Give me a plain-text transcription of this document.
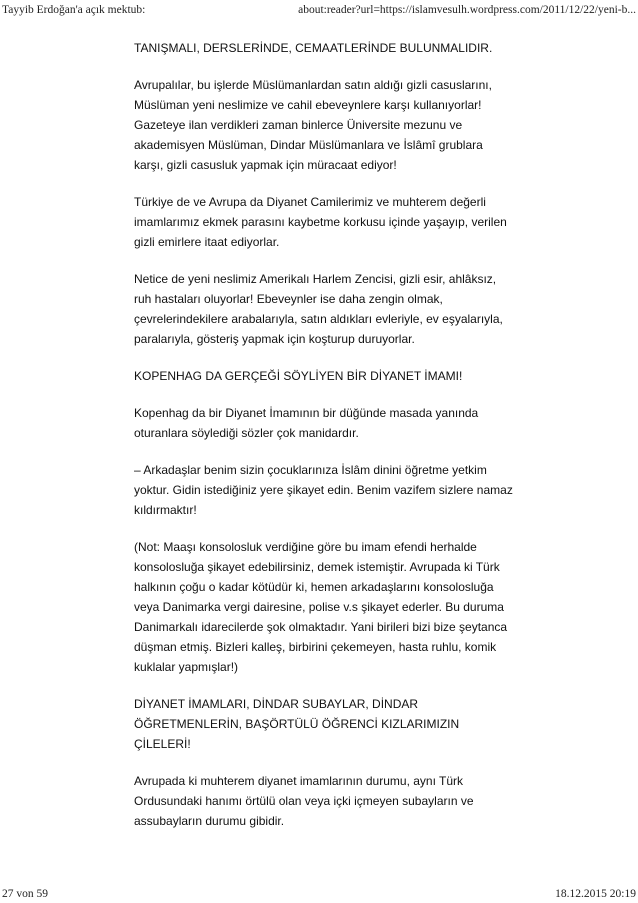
Tayyib Erdoğan'a açık mektub:	about:reader?url=https://islamvesulh.wordpress.com/2011/12/22/yeni-b...

TANIŞMALI, DERSLERİNDE, CEMAATLERİNDE BULUNMALIDIR.

Avrupalılar, bu işlerde Müslümanlardan satın aldığı gizli casuslarını, Müslüman yeni neslimize ve cahil ebeveynlere karşı kullanıyorlar! Gazeteye ilan verdikleri zaman binlerce Üniversite mezunu ve akademisyen Müslüman, Dindar Müslümanlara ve İslâmî grublara karşı, gizli casusluk yapmak için müracaat ediyor!

Türkiye de ve Avrupa da Diyanet Camilerimiz ve muhterem değerli imamlarımız ekmek parasını kaybetme korkusu içinde yaşayıp, verilen gizli emirlere itaat ediyorlar.

Netice de yeni neslimiz Amerikalı Harlem Zencisi, gizli esir, ahlâksız, ruh hastaları oluyorlar! Ebeveynler ise daha zengin olmak, çevrelerindekilere arabalarıyla, satın aldıkları evleriyle, ev eşyalarıyla, paralarıyla, gösteriş yapmak için koşturup duruyorlar.

KOPENHAG DA GERÇEĞİ SÖYLİYEN BİR DİYANET İMAMI!

Kopenhag da bir Diyanet İmamının bir düğünde masada yanında oturanlara söylediği sözler çok manidardır.

– Arkadaşlar benim sizin çocuklarınıza İslâm dinini öğretme yetkim yoktur. Gidin istediğiniz yere şikayet edin. Benim vazifem sizlere namaz kıldırmaktır!

(Not: Maaşı konsolosluk verdiğine göre bu imam efendi herhalde konsolosluğa şikayet edebilirsiniz, demek istemiştir. Avrupada ki Türk halkının çoğu o kadar kötüdür ki, hemen arkadaşlarını konsolosluğa veya Danimarka vergi dairesine, polise v.s şikayet ederler. Bu duruma Danimarkalı idarecilerde şok olmaktadır. Yani birileri bizi bize şeytanca düşman etmiş. Bizleri kalleş, birbirini çekemeyen, hasta ruhlu, komik kuklalar yapmışlar!)

DİYANET İMAMLARI, DİNDAR SUBAYLAR, DİNDAR ÖĞRETMENLERİN, BAŞÖRTÜLÜ ÖĞRENCİ KIZLARIMIZIN ÇİLELERİ!

Avrupada ki muhterem diyanet imamlarının durumu, aynı Türk Ordusundaki hanımı örtülü olan veya içki içmeyen subayların ve assubayların durumu gibidir.

27 von 59	18.12.2015 20:19
